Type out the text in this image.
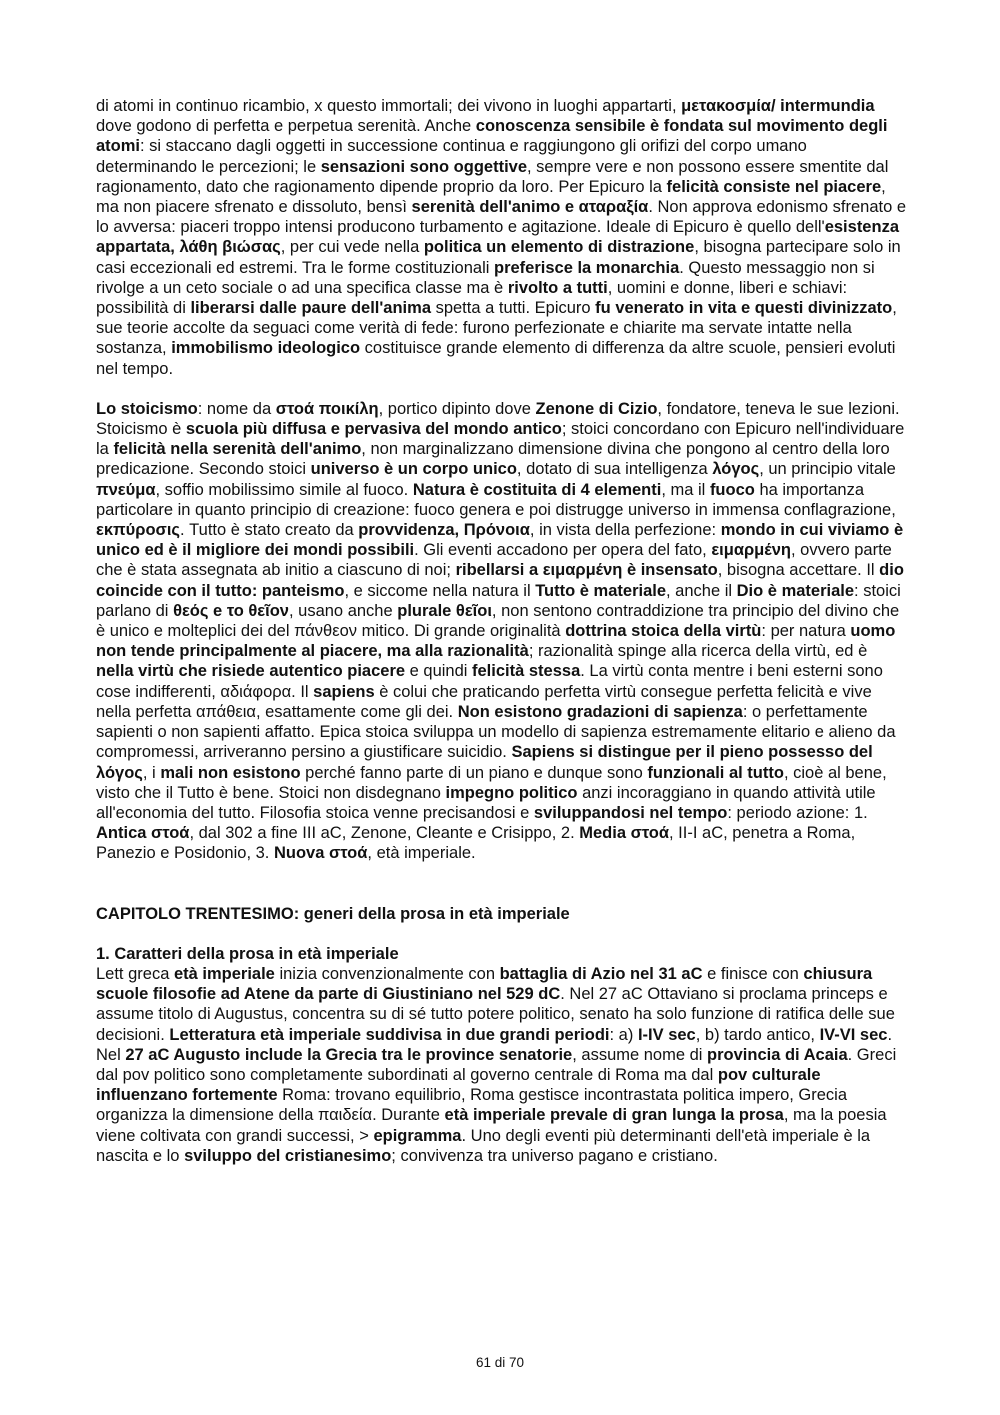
di atomi in continuo ricambio, x questo immortali; dei vivono in luoghi appartarti, μετακοσμία/ intermundia dove godono di perfetta e perpetua serenità. Anche conoscenza sensibile è fondata sul movimento degli atomi: si staccano dagli oggetti in successione continua e raggiungono gli orifizi del corpo umano determinando le percezioni; le sensazioni sono oggettive, sempre vere e non possono essere smentite dal ragionamento, dato che ragionamento dipende proprio da loro. Per Epicuro la felicità consiste nel piacere, ma non piacere sfrenato e dissoluto, bensì serenità dell'animo e αταραξία. Non approva edonismo sfrenato e lo avversa: piaceri troppo intensi producono turbamento e agitazione. Ideale di Epicuro è quello dell'esistenza appartata, λάθη βιώσας, per cui vede nella politica un elemento di distrazione, bisogna partecipare solo in casi eccezionali ed estremi. Tra le forme costituzionali preferisce la monarchia. Questo messaggio non si rivolge a un ceto sociale o ad una specifica classe ma è rivolto a tutti, uomini e donne, liberi e schiavi: possibilità di liberarsi dalle paure dell'anima spetta a tutti. Epicuro fu venerato in vita e questi divinizzato, sue teorie accolte da seguaci come verità di fede: furono perfezionate e chiarite ma servate intatte nella sostanza, immobilismo ideologico costituisce grande elemento di differenza da altre scuole, pensieri evoluti nel tempo.

Lo stoicismo: nome da στοά ποικίλη, portico dipinto dove Zenone di Cizio, fondatore, teneva le sue lezioni. Stoicismo è scuola più diffusa e pervasiva del mondo antico; stoici concordano con Epicuro nell'individuare la felicità nella serenità dell'animo, non marginalizzano dimensione divina che pongono al centro della loro predicazione. Secondo stoici universo è un corpo unico, dotato di sua intelligenza λόγος, un principio vitale πνεύμα, soffio mobilissimo simile al fuoco. Natura è costituita di 4 elementi, ma il fuoco ha importanza particolare in quanto principio di creazione: fuoco genera e poi distrugge universo in immensa conflagrazione, εκπύροσις. Tutto è stato creato da provvidenza, Πρόνοια, in vista della perfezione: mondo in cui viviamo è unico ed è il migliore dei mondi possibili. Gli eventi accadono per opera del fato, ειμαρμένη, ovvero parte che è stata assegnata ab initio a ciascuno di noi; ribellarsi a ειμαρμένη è insensato, bisogna accettare. Il dio coincide con il tutto: panteismo, e siccome nella natura il Tutto è materiale, anche il Dio è materiale: stoici parlano di θεός e το θεῖον, usano anche plurale θεῖοι, non sentono contraddizione tra principio del divino che è unico e molteplici dei del πάνθεον mitico. Di grande originalità dottrina stoica della virtù: per natura uomo non tende principalmente al piacere, ma alla razionalità; razionalità spinge alla ricerca della virtù, ed è nella virtù che risiede autentico piacere e quindi felicità stessa. La virtù conta mentre i beni esterni sono cose indifferenti, αδιάφορα. Il sapiens è colui che praticando perfetta virtù consegue perfetta felicità e vive nella perfetta απάθεια, esattamente come gli dei. Non esistono gradazioni di sapienza: o perfettamente sapienti o non sapienti affatto. Epica stoica sviluppa un modello di sapienza estremamente elitario e alieno da compromessi, arriveranno persino a giustificare suicidio. Sapiens si distingue per il pieno possesso del λόγος, i mali non esistono perché fanno parte di un piano e dunque sono funzionali al tutto, cioè al bene, visto che il Tutto è bene. Stoici non disdegnano impegno politico anzi incoraggiano in quando attività utile all'economia del tutto. Filosofia stoica venne precisandosi e sviluppandosi nel tempo: periodo azione: 1. Antica στοά, dal 302 a fine III aC, Zenone, Cleante e Crisippo, 2. Media στοά, II-I aC, penetra a Roma, Panezio e Posidonio, 3. Nuova στοά, età imperiale.

CAPITOLO TRENTESIMO: generi della prosa in età imperiale

1. Caratteri della prosa in età imperiale

Lett greca età imperiale inizia convenzionalmente con battaglia di Azio nel 31 aC e finisce con chiusura scuole filosofie ad Atene da parte di Giustiniano nel 529 dC. Nel 27 aC Ottaviano si proclama princeps e assume titolo di Augustus, concentra su di sé tutto potere politico, senato ha solo funzione di ratifica delle sue decisioni. Letteratura età imperiale suddivisa in due grandi periodi: a) I-IV sec, b) tardo antico, IV-VI sec. Nel 27 aC Augusto include la Grecia tra le province senatorie, assume nome di provincia di Acaia. Greci dal pov politico sono completamente subordinati al governo centrale di Roma ma dal pov culturale influenzano fortemente Roma: trovano equilibrio, Roma gestisce incontrastata politica impero, Grecia organizza la dimensione della παιδεία. Durante età imperiale prevale di gran lunga la prosa, ma la poesia viene coltivata con grandi successi, > epigramma. Uno degli eventi più determinanti dell'età imperiale è la nascita e lo sviluppo del cristianesimo; convivenza tra universo pagano e cristiano.

61 di 70
